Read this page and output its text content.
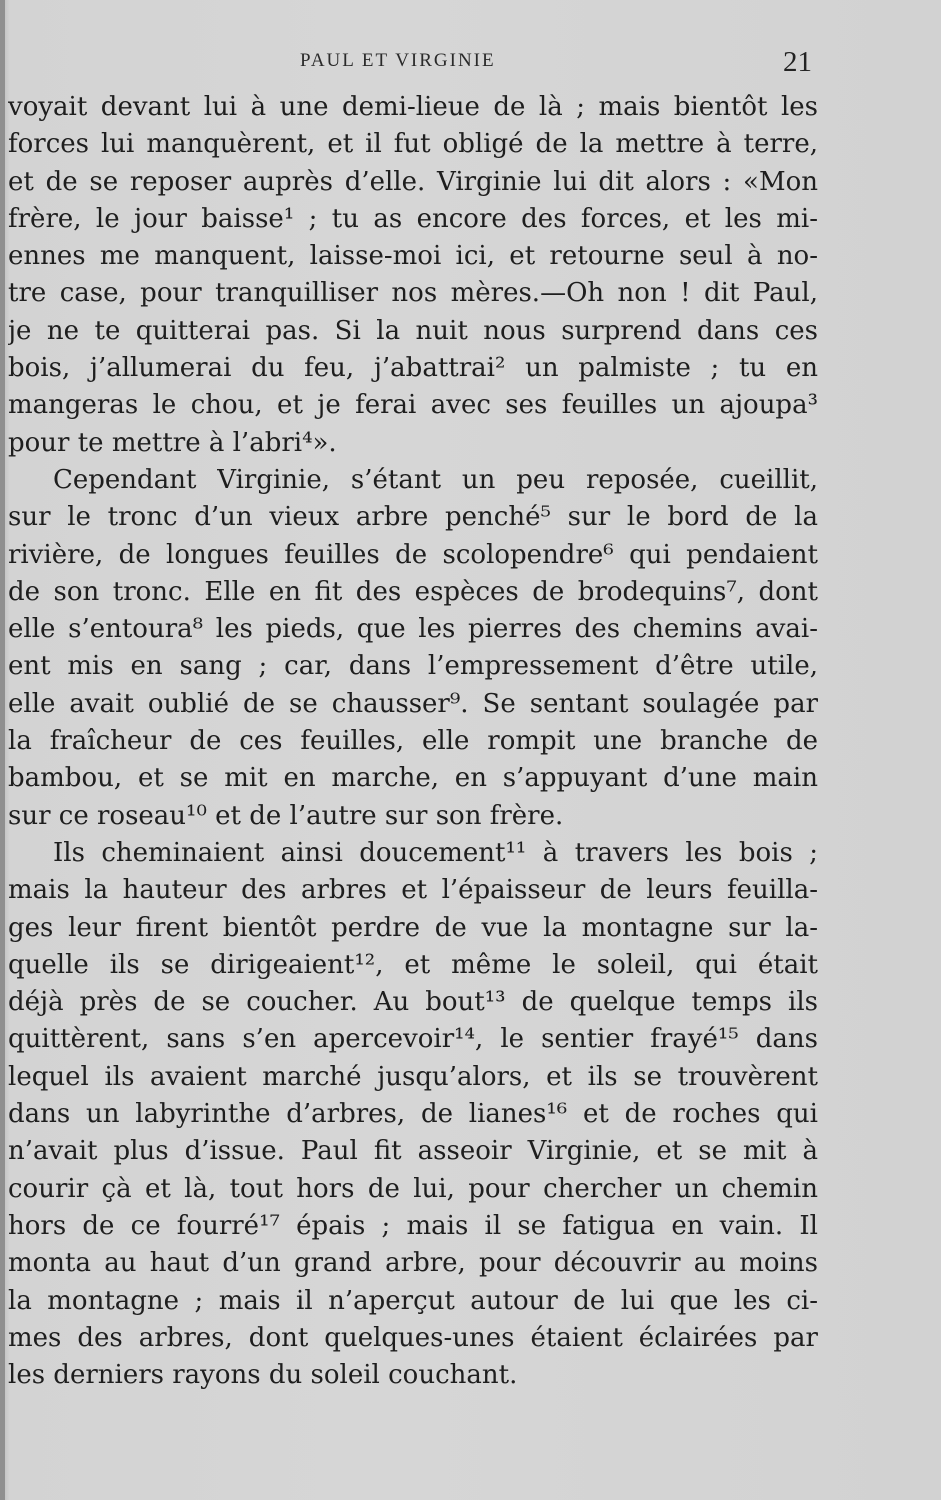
PAUL ET VIRGINIE	21
voyait devant lui à une demi-lieue de là ; mais bientôt les
forces lui manquèrent, et il fut obligé de la mettre à terre,
et de se reposer auprès d’elle. Virginie lui dit alors : «Mon
frère, le jour baisse¹ ; tu as encore des forces, et les mi-
ennes me manquent, laisse-moi ici, et retourne seul à no-
tre case, pour tranquilliser nos mères.—Oh non ! dit Paul,
je ne te quitterai pas. Si la nuit nous surprend dans ces
bois, j’allumerai du feu, j’abattrai² un palmiste ; tu en
mangeras le chou, et je ferai avec ses feuilles un ajoupa³
pour te mettre à l’abri⁴».
Cependant Virginie, s’étant un peu reposée, cueillit,
sur le tronc d’un vieux arbre penché⁵ sur le bord de la
rivière, de longues feuilles de scolopendre⁶ qui pendaient
de son tronc. Elle en fit des espèces de brodequins⁷, dont
elle s’entoura⁸ les pieds, que les pierres des chemins avai-
ent mis en sang ; car, dans l’empressement d’être utile,
elle avait oublié de se chausser⁹. Se sentant soulagée par
la fraîcheur de ces feuilles, elle rompit une branche de
bambou, et se mit en marche, en s’appuyant d’une main
sur ce roseau¹⁰ et de l’autre sur son frère.
Ils cheminaient ainsi doucement¹¹ à travers les bois ;
mais la hauteur des arbres et l’épaisseur de leurs feuilla-
ges leur firent bientôt perdre de vue la montagne sur la-
quelle ils se dirigeaient¹², et même le soleil, qui était
déjà près de se coucher. Au bout¹³ de quelque temps ils
quittèrent, sans s’en apercevoir¹⁴, le sentier frayé¹⁵ dans
lequel ils avaient marché jusqu’alors, et ils se trouvèrent
dans un labyrinthe d’arbres, de lianes¹⁶ et de roches qui
n’avait plus d’issue. Paul fit asseoir Virginie, et se mit à
courir çà et là, tout hors de lui, pour chercher un chemin
hors de ce fourré¹⁷ épais ; mais il se fatigua en vain. Il
monta au haut d’un grand arbre, pour découvrir au moins
la montagne ; mais il n’aperçut autour de lui que les ci-
mes des arbres, dont quelques-unes étaient éclairées par
les derniers rayons du soleil couchant.
